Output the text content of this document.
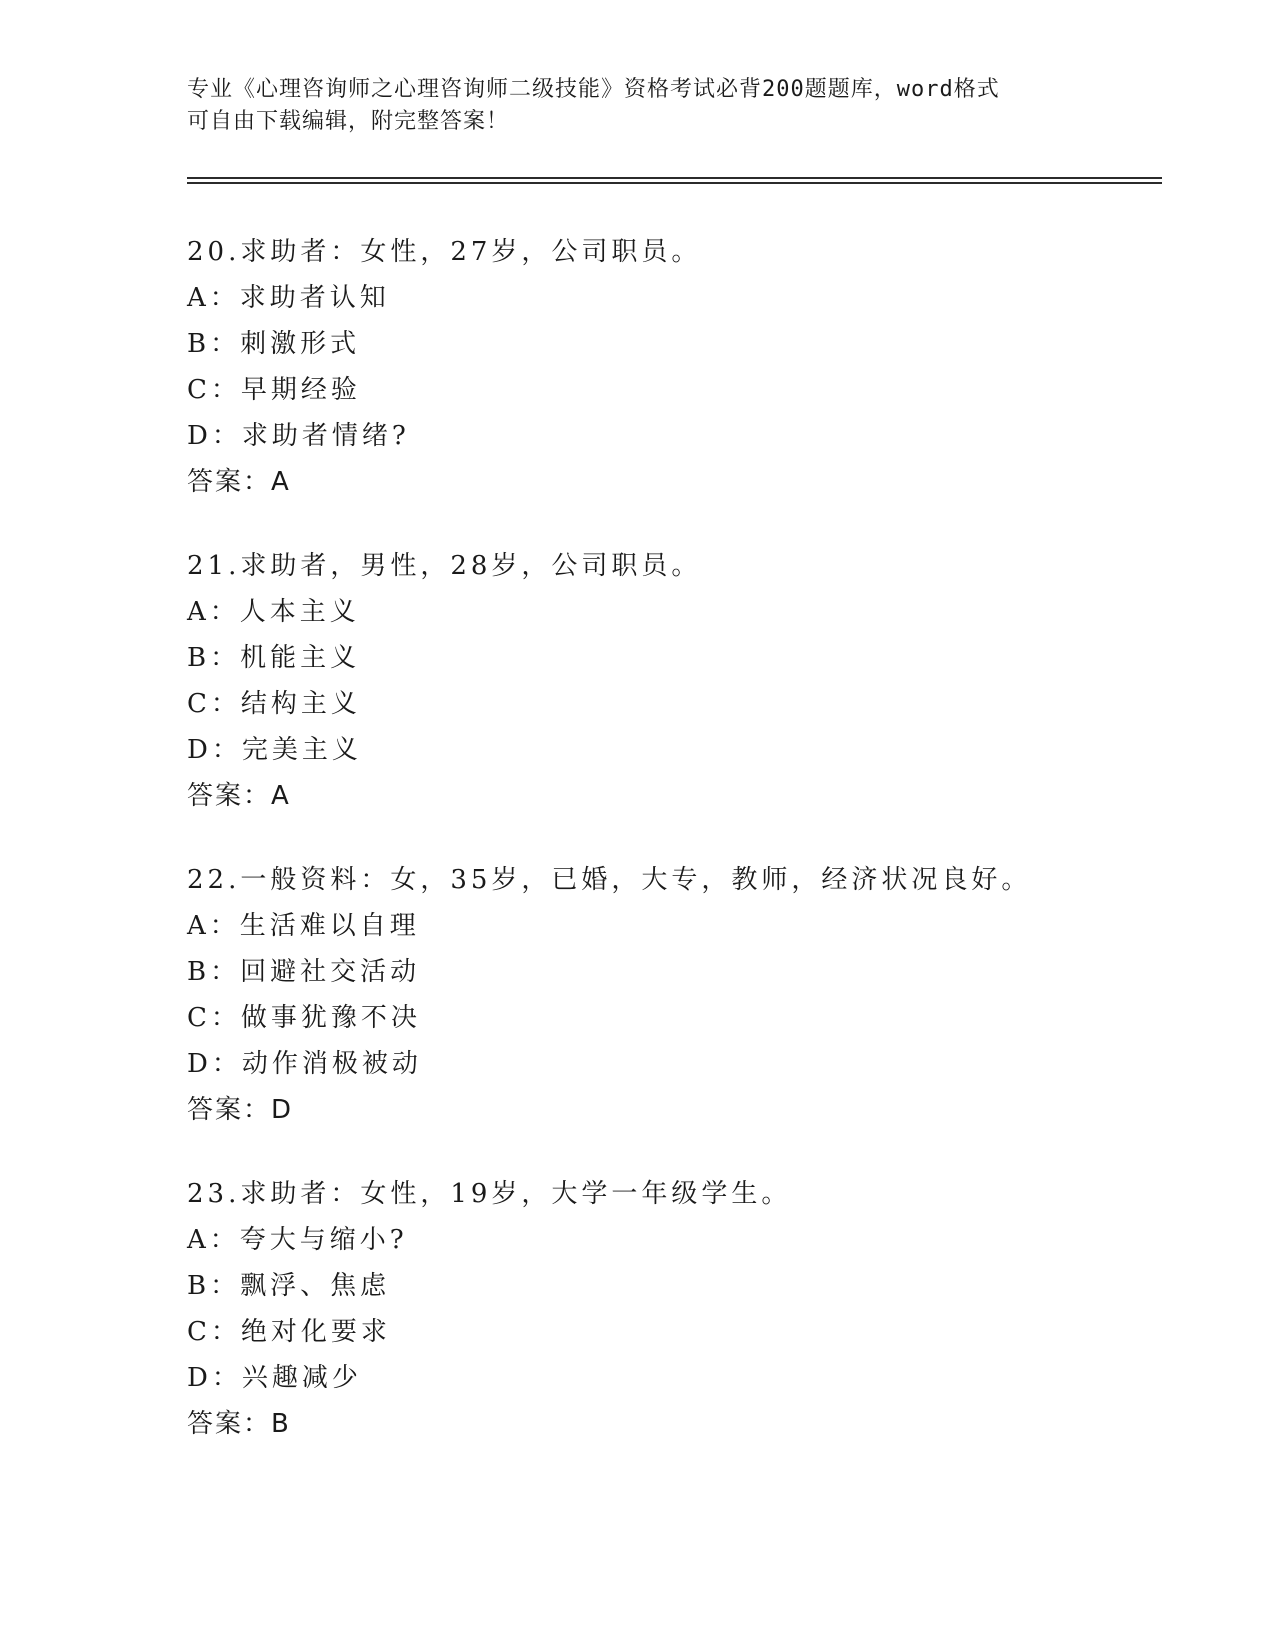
专业《心理咨询师之心理咨询师二级技能》资格考试必背200题题库，word格式
可自由下载编辑，附完整答案！
20.求助者：女性，27岁，公司职员。
A：求助者认知
B：刺激形式
C：早期经验
D：求助者情绪?
答案：A
21.求助者，男性，28岁，公司职员。
A：人本主义
B：机能主义
C：结构主义
D：完美主义
答案：A
22.一般资料：女，35岁，已婚，大专，教师，经济状况良好。
A：生活难以自理
B：回避社交活动
C：做事犹豫不决
D：动作消极被动
答案：D
23.求助者：女性，19岁，大学一年级学生。
A：夸大与缩小?
B：飘浮、焦虑
C：绝对化要求
D：兴趣减少
答案：B
